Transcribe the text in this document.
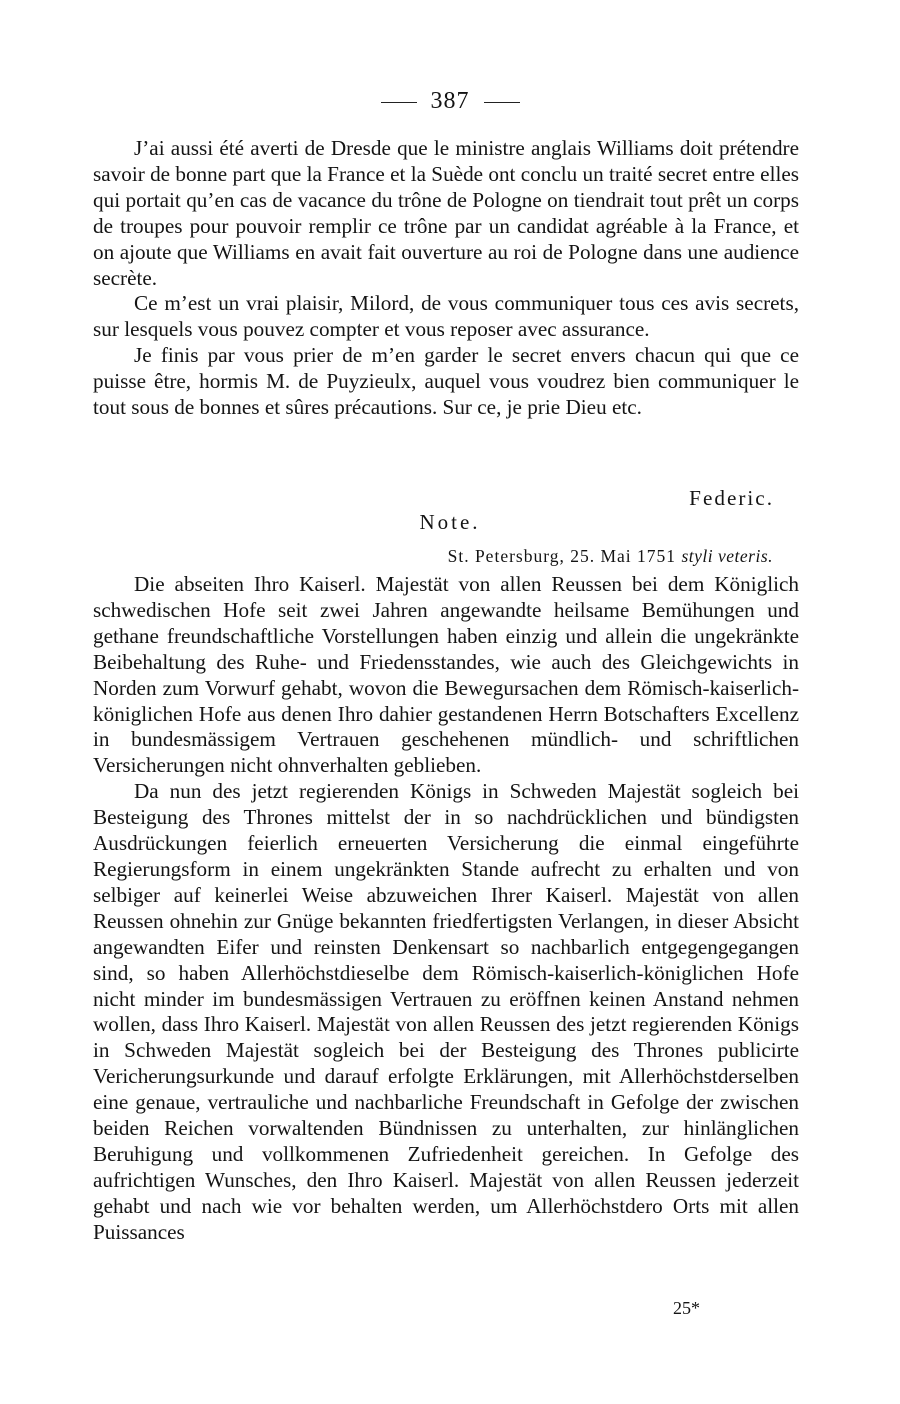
387

J’ai aussi été averti de Dresde que le ministre anglais Williams doit prétendre savoir de bonne part que la France et la Suède ont conclu un traité secret entre elles qui portait qu’en cas de vacance du trône de Pologne on tiendrait tout prêt un corps de troupes pour pouvoir remplir ce trône par un candidat agréable à la France, et on ajoute que Williams en avait fait ouverture au roi de Pologne dans une audience secrète.

Ce m’est un vrai plaisir, Milord, de vous communiquer tous ces avis secrets, sur lesquels vous pouvez compter et vous reposer avec assurance.

Je finis par vous prier de m’en garder le secret envers chacun qui que ce puisse être, hormis M. de Puyzieulx, auquel vous voudrez bien communiquer le tout sous de bonnes et sûres précautions. Sur ce, je prie Dieu etc.

Federic.
Note.
St. Petersburg, 25. Mai 1751 styli veteris.

Die abseiten Ihro Kaiserl. Majestät von allen Reussen bei dem Königlich schwedischen Hofe seit zwei Jahren angewandte heilsame Bemühungen und gethane freundschaftliche Vorstellungen haben einzig und allein die ungekränkte Beibehaltung des Ruhe- und Friedensstandes, wie auch des Gleichgewichts in Norden zum Vorwurf gehabt, wovon die Bewegursachen dem Römisch-kaiserlich-königlichen Hofe aus denen Ihro dahier gestandenen Herrn Botschafters Excellenz in bundesmässigem Vertrauen geschehenen mündlich- und schriftlichen Versicherungen nicht ohnverhalten geblieben.

Da nun des jetzt regierenden Königs in Schweden Majestät sogleich bei Besteigung des Thrones mittelst der in so nachdrücklichen und bündigsten Ausdrückungen feierlich erneuerten Versicherung die einmal eingeführte Regierungsform in einem ungekränkten Stande aufrecht zu erhalten und von selbiger auf keinerlei Weise abzuweichen Ihrer Kaiserl. Majestät von allen Reussen ohnehin zur Gnüge bekannten friedfertigsten Verlangen, in dieser Absicht angewandten Eifer und reinsten Denkensart so nachbarlich entgegengegangen sind, so haben Allerhöchstdieselbe dem Römisch-kaiserlich-königlichen Hofe nicht minder im bundesmässigen Vertrauen zu eröffnen keinen Anstand nehmen wollen, dass Ihro Kaiserl. Majestät von allen Reussen des jetzt regierenden Königs in Schweden Majestät sogleich bei der Besteigung des Thrones publicirte Vericherungsurkunde und darauf erfolgte Erklärungen, mit Allerhöchstderselben eine genaue, vertrauliche und nachbarliche Freundschaft in Gefolge der zwischen beiden Reichen vorwaltenden Bündnissen zu unterhalten, zur hinlänglichen Beruhigung und vollkommenen Zufriedenheit gereichen. In Gefolge des aufrichtigen Wunsches, den Ihro Kaiserl. Majestät von allen Reussen jederzeit gehabt und nach wie vor behalten werden, um Allerhöchstdero Orts mit allen Puissances

25*
